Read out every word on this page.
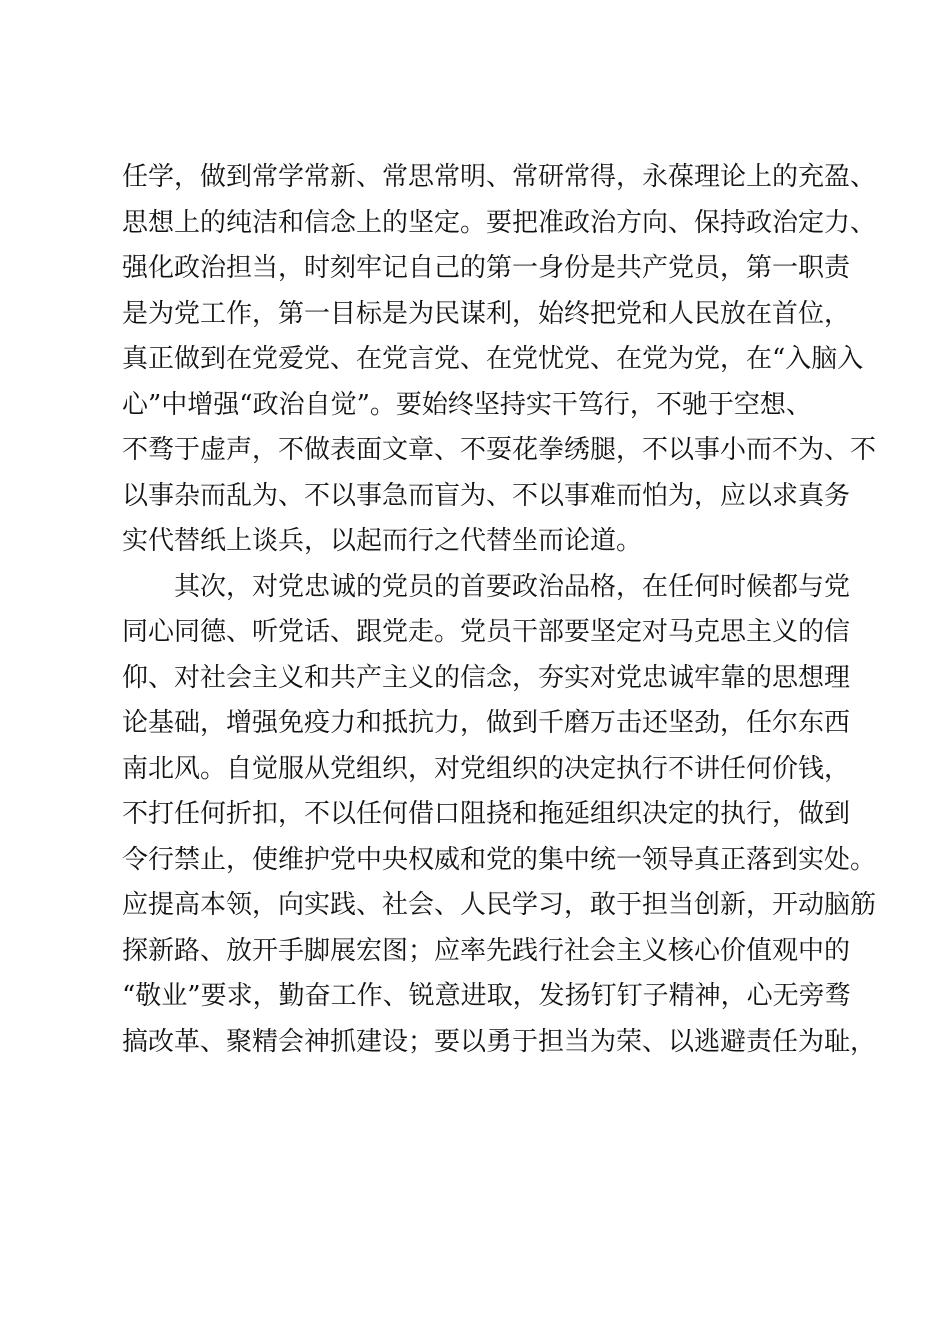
任学，做到常学常新、常思常明、常研常得，永葆理论上的充盈、
思想上的纯洁和信念上的坚定。要把准政治方向、保持政治定力、
强化政治担当，时刻牢记自己的第一身份是共产党员，第一职责
是为党工作，第一目标是为民谋利，始终把党和人民放在首位，
真正做到在党爱党、在党言党、在党忧党、在党为党，在“入脑入
心”中增强“政治自觉”。要始终坚持实干笃行，不驰于空想、
不骛于虚声，不做表面文章、不耍花拳绣腿，不以事小而不为、不
以事杂而乱为、不以事急而盲为、不以事难而怕为，应以求真务
实代替纸上谈兵，以起而行之代替坐而论道。
其次，对党忠诚的党员的首要政治品格，在任何时候都与党
同心同德、听党话、跟党走。党员干部要坚定对马克思主义的信
仰、对社会主义和共产主义的信念，夯实对党忠诚牢靠的思想理
论基础，增强免疫力和抵抗力，做到千磨万击还坚劲，任尔东西
南北风。自觉服从党组织，对党组织的决定执行不讲任何价钱，
不打任何折扣，不以任何借口阻挠和拖延组织决定的执行，做到
令行禁止，使维护党中央权威和党的集中统一领导真正落到实处。
应提高本领，向实践、社会、人民学习，敢于担当创新，开动脑筋
探新路、放开手脚展宏图；应率先践行社会主义核心价值观中的
“敬业”要求，勤奋工作、锐意进取，发扬钉钉子精神，心无旁骛
搞改革、聚精会神抓建设；要以勇于担当为荣、以逃避责任为耻，
